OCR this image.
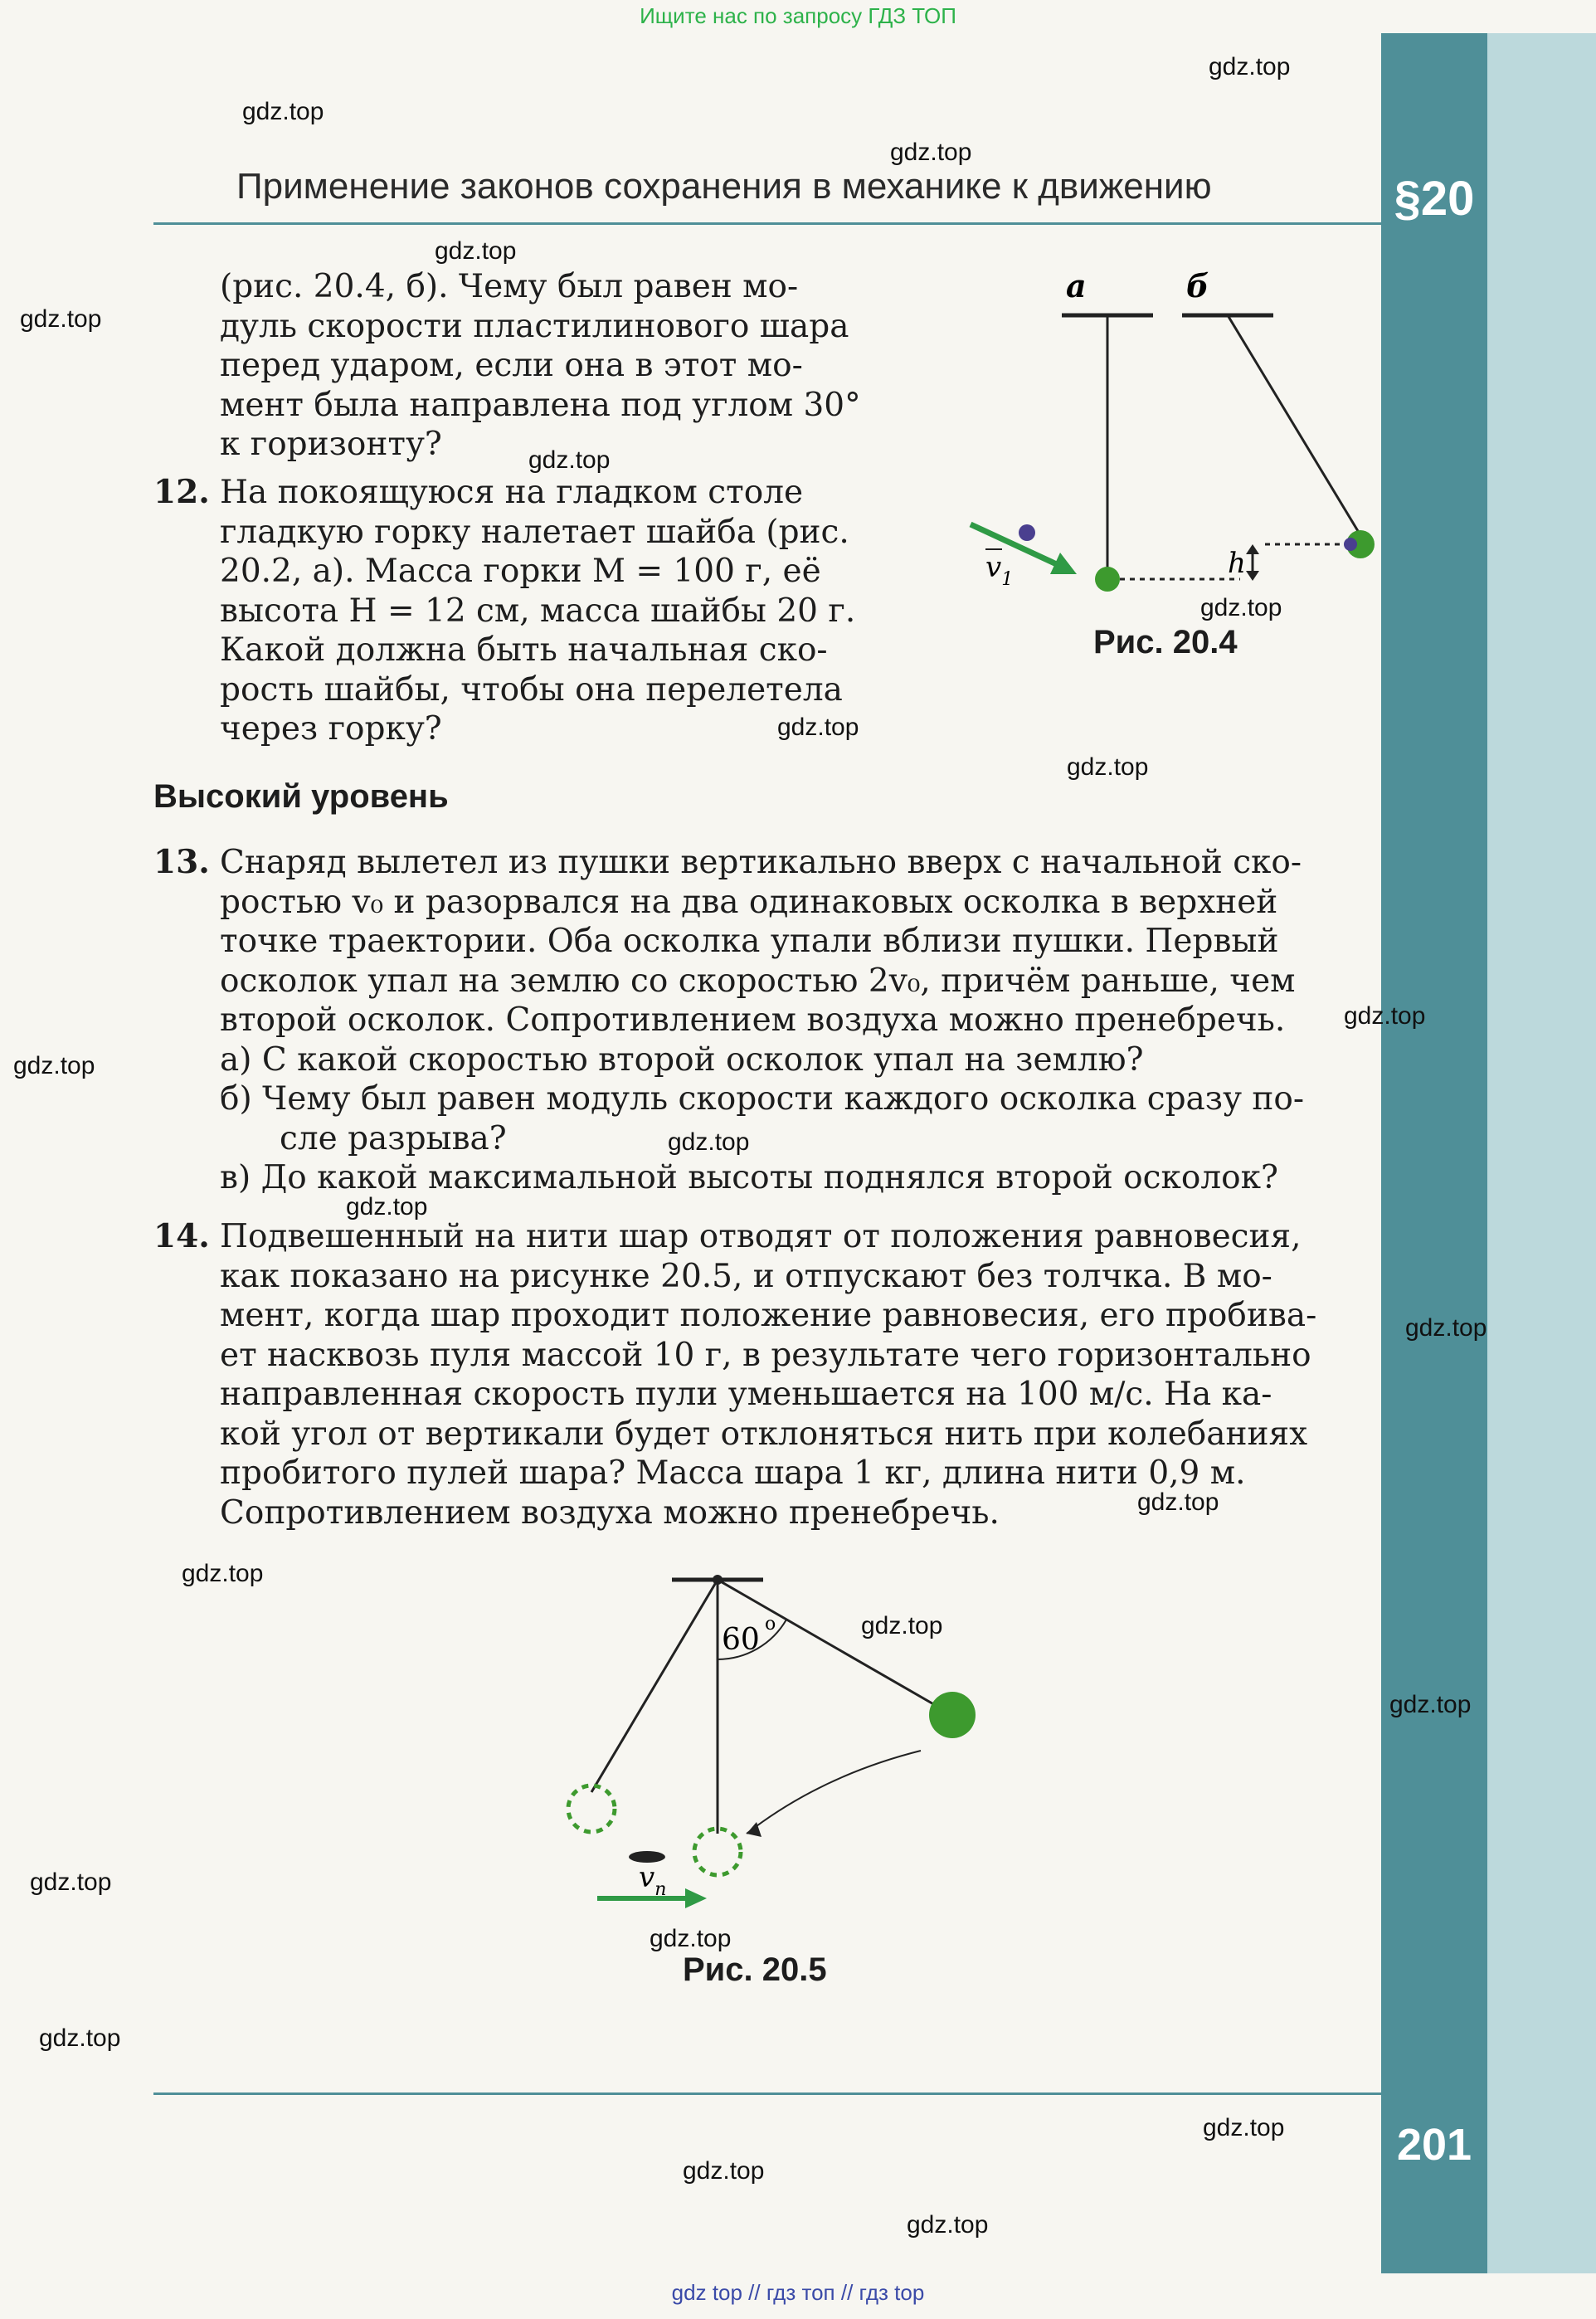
Ищите нас по запросу ГДЗ ТОП
gdz top // гдз топ // гдз top
§20
201
Применение законов сохранения в механике к движению
(рис. 20.4, б). Чему был равен мо-
дуль скорости пластилинового шара
перед ударом, если она в этот мо-
мент была направлена под углом 30°
к горизонту?
12. На покоящуюся на гладком столе
гладкую горку налетает шайба (рис.
20.2, а). Масса горки M = 100 г, её
высота H = 12 см, масса шайбы 20 г.
Какой должна быть начальная ско-
рость шайбы, чтобы она перелетела
через горку?
а	б
h
$v_1$
Рис. 20.4
Высокий уровень
13. Снаряд вылетел из пушки вертикально вверх с начальной ско-
ростью v₀ и разорвался на два одинаковых осколка в верхней
точке траектории. Оба осколка упали вблизи пушки. Первый
осколок упал на землю со скоростью 2v₀, причём раньше, чем
второй осколок. Сопротивлением воздуха можно пренебречь.
а) С какой скоростью второй осколок упал на землю?
б) Чему был равен модуль скорости каждого осколка сразу по-
сле разрыва?
в) До какой максимальной высоты поднялся второй осколок?
14. Подвешенный на нити шар отводят от положения равновесия,
как показано на рисунке 20.5, и отпускают без толчка. В мо-
мент, когда шар проходит положение равновесия, его пробива-
ет насквозь пуля массой 10 г, в результате чего горизонтально
направленная скорость пули уменьшается на 100 м/с. На ка-
кой угол от вертикали будет отклоняться нить при колебаниях
пробитого пулей шара? Масса шара 1 кг, длина нити 0,9 м.
Сопротивлением воздуха можно пренебречь.
60 o
$v_п$
Рис. 20.5
gdz.top
gdz.top
gdz.top
gdz.top
gdz.top
gdz.top
gdz.top
gdz.top
gdz.top
gdz.top
gdz.top
gdz.top
gdz.top
gdz.top
gdz.top
gdz.top
gdz.top
gdz.top
gdz.top
gdz.top
gdz.top
gdz.top
gdz.top
gdz.top
